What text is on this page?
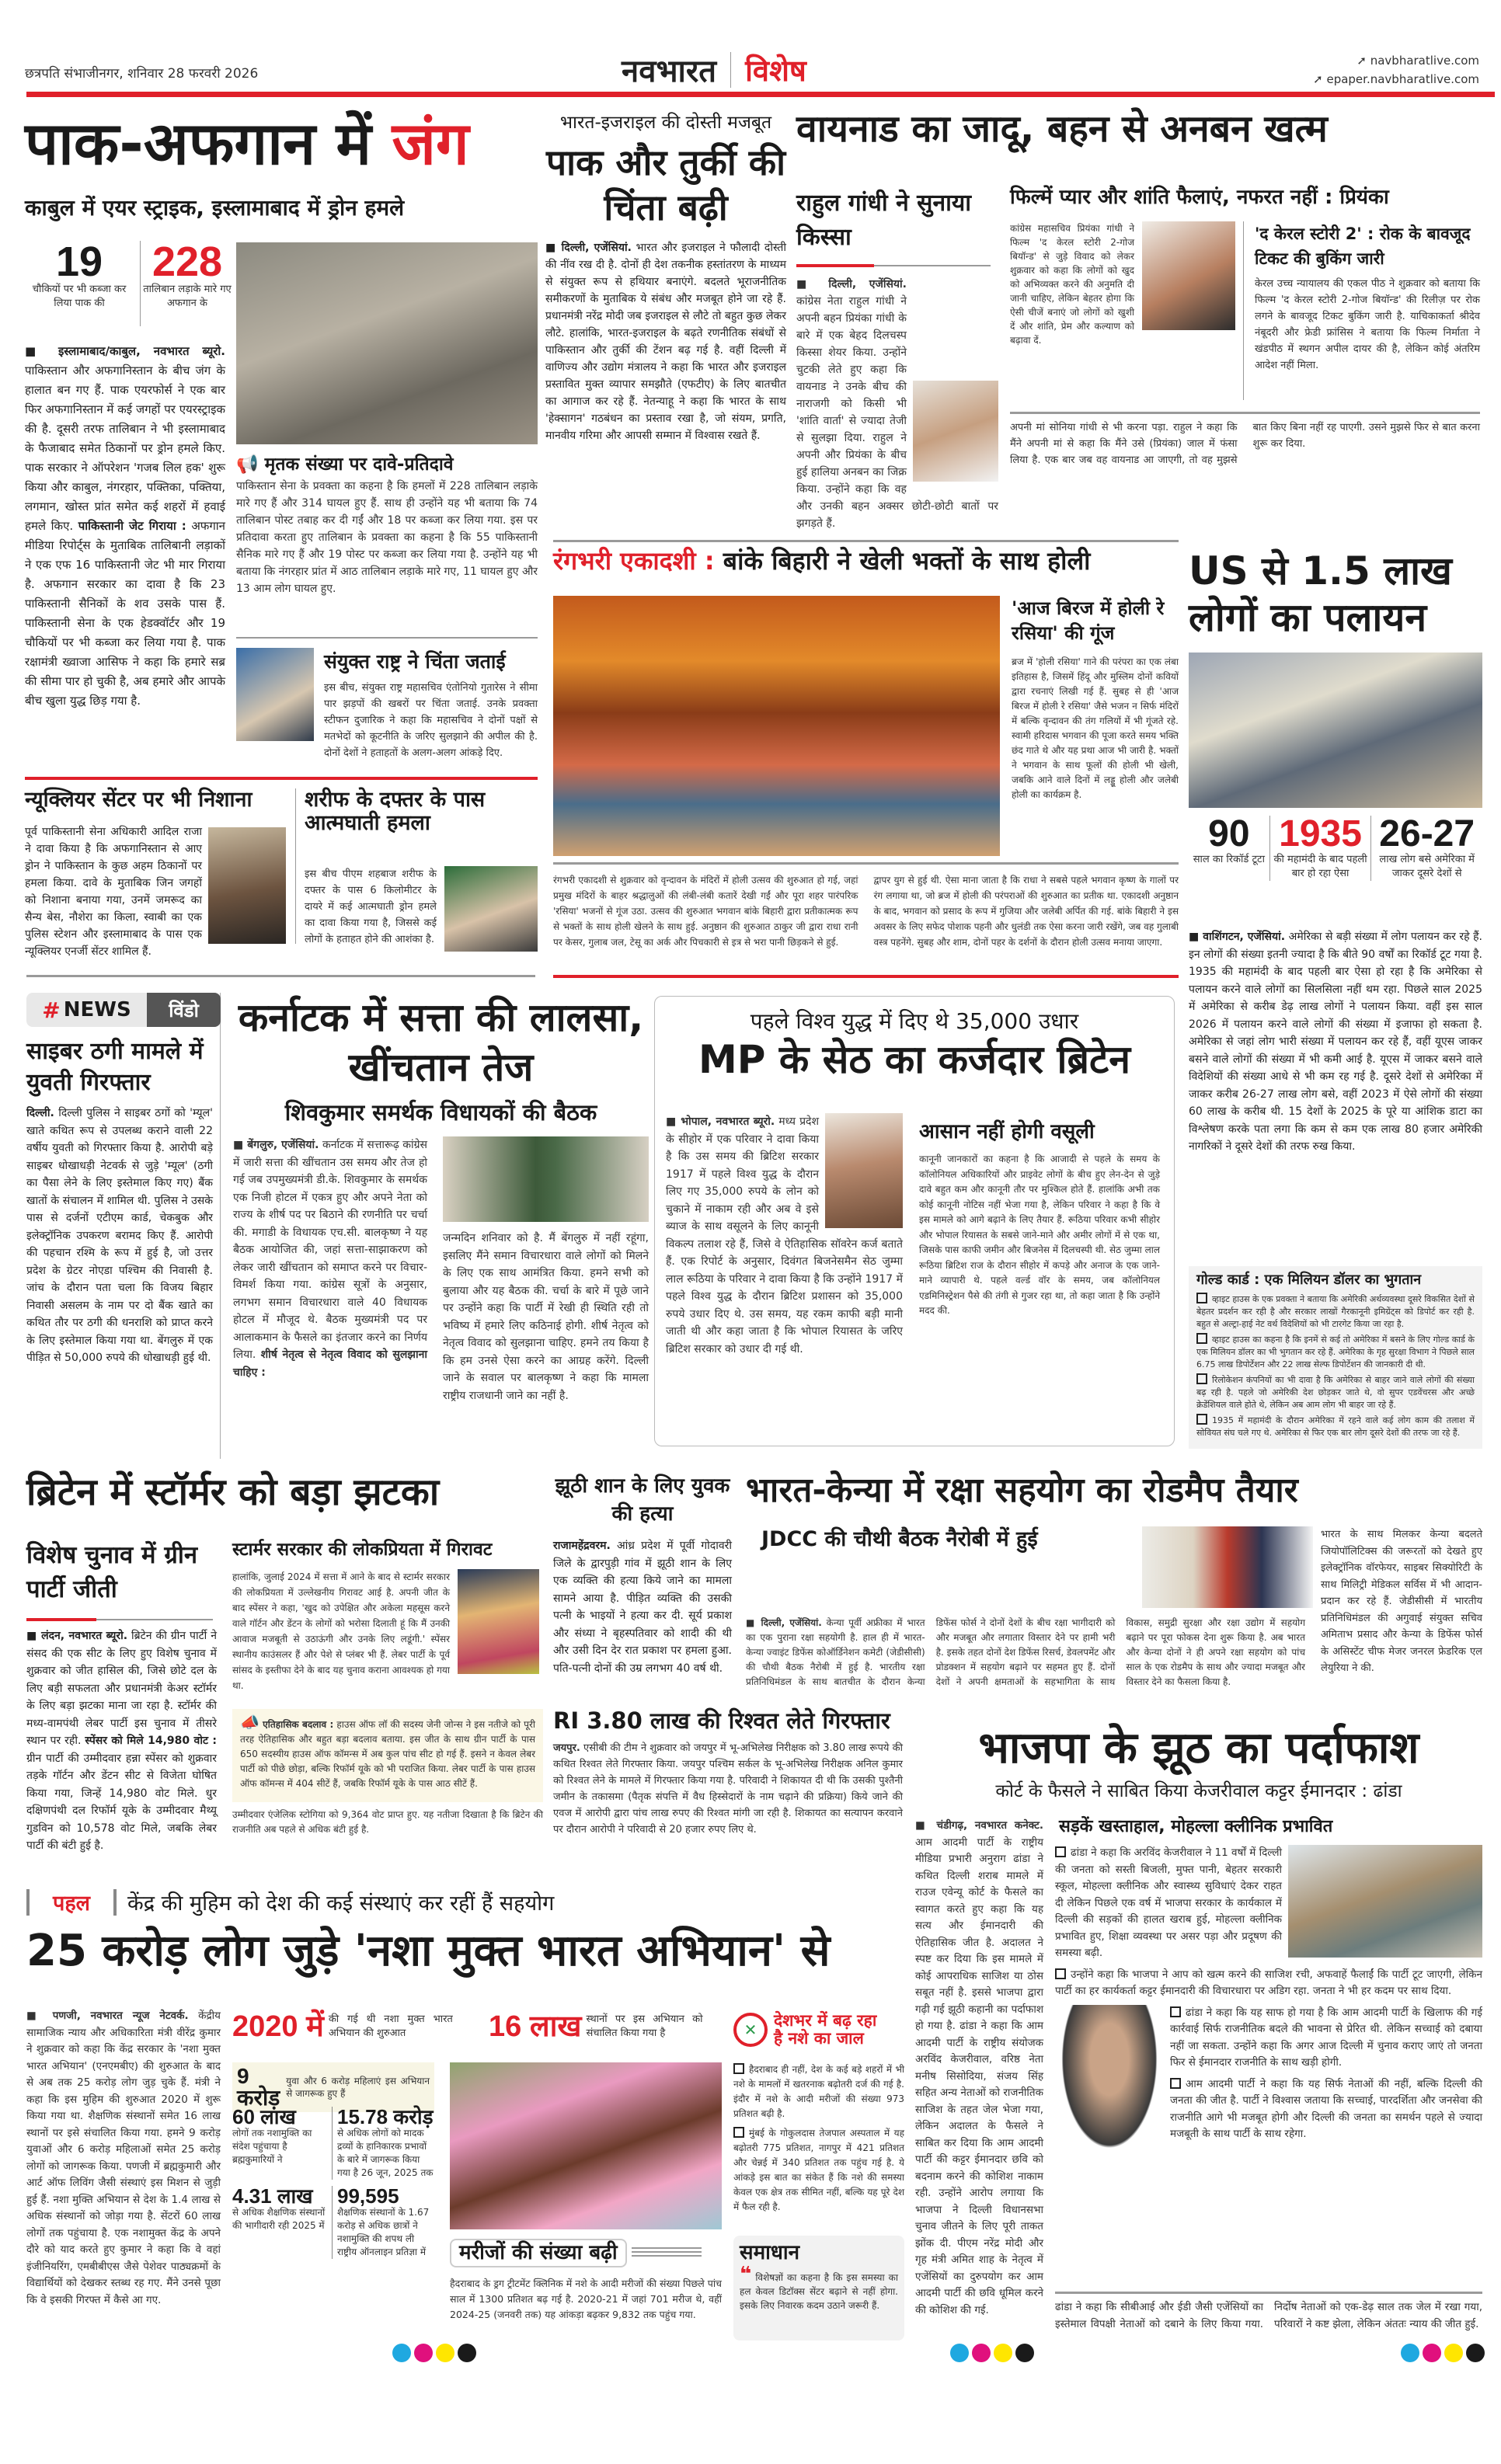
छत्रपति संभाजीनगर, शनिवार 28 फरवरी 2026	नवभारत विशेष	➚ navbharatlive.com
➚ epaper.navbharatlive.com
पाक-अफगान में जंग
काबुल में एयर स्ट्राइक, इस्लामाबाद में ड्रोन हमले
19
चौकियों पर भी कब्जा कर लिया पाक की
228
तालिबान लड़ाके मारे गए अफगान के
📢 मृतक संख्या पर दावे-प्रतिदावे
पाकिस्तान सेना के प्रवक्ता का कहना है कि हमलों में 228 तालिबान लड़ाके मारे गए हैं और 314 घायल हुए हैं. साथ ही उन्होंने यह भी बताया कि 74 तालिबान पोस्ट तबाह कर दी गईं और 18 पर कब्जा कर लिया गया. इस पर प्रतिदावा करता हुए तालिबान के प्रवक्ता का कहना है कि 55 पाकिस्तानी सैनिक मारे गए हैं और 19 पोस्ट पर कब्जा कर लिया गया है. उन्होंने यह भी बताया कि नंगरहार प्रांत में आठ तालिबान लड़ाके मारे गए, 11 घायल हुए और 13 आम लोग घायल हुए.
■ इस्लामाबाद/काबुल, नवभारत ब्यूरो. पाकिस्तान और अफगानिस्तान के बीच जंग के हालात बन गए हैं. पाक एयरफोर्स ने एक बार फिर अफगानिस्तान में कई जगहों पर एयरस्ट्राइक की है. दूसरी तरफ तालिबान ने भी इस्लामाबाद के फैजाबाद समेत ठिकानों पर ड्रोन हमले किए. पाक सरकार ने ऑपरेशन 'गजब लिल हक' शुरू किया और काबुल, नंगरहार, पक्तिका, पक्तिया, लगमान, खोस्त प्रांत समेत कई शहरों में हवाई हमले किए. पाकिस्तानी जेट गिराया : अफगान मीडिया रिपोर्ट्स के मुताबिक तालिबानी लड़ाकों ने एक एफ 16 पाकिस्तानी जेट भी मार गिराया है. अफगान सरकार का दावा है कि 23 पाकिस्तानी सैनिकों के शव उसके पास हैं. पाकिस्तानी सेना के एक हेडक्वॉर्टर और 19 चौकियों पर भी कब्जा कर लिया गया है. पाक रक्षामंत्री ख्वाजा आसिफ ने कहा कि हमारे सब्र की सीमा पार हो चुकी है, अब हमारे और आपके बीच खुला युद्ध छिड़ गया है.
संयुक्त राष्ट्र ने चिंता जताई
इस बीच, संयुक्त राष्ट्र महासचिव एंतोनियो गुतारेस ने सीमा पार झड़पों की खबरों पर चिंता जताई. उनके प्रवक्ता स्टीफन दुजारिक ने कहा कि महासचिव ने दोनों पक्षों से मतभेदों को कूटनीति के जरिए सुलझाने की अपील की है. दोनों देशों ने हताहतों के अलग-अलग आंकड़े दिए.
न्यूक्लियर सेंटर पर भी निशाना
पूर्व पाकिस्तानी सेना अधिकारी आदिल राजा ने दावा किया है कि अफगानिस्तान से आए ड्रोन ने पाकिस्तान के कुछ अहम ठिकानों पर हमला किया. दावे के मुताबिक जिन जगहों को निशाना बनाया गया, उनमें जमरूद का सैन्य बेस, नौशेरा का किला, स्वाबी का एक पुलिस स्टेशन और इस्लामाबाद के पास एक न्यूक्लियर एनर्जी सेंटर शामिल हैं.
शरीफ के दफ्तर के पास आत्मघाती हमला
इस बीच पीएम शहबाज शरीफ के दफ्तर के पास 6 किलोमीटर के दायरे में कई आत्मघाती ड्रोन हमले का दावा किया गया है, जिससे कई लोगों के हताहत होने की आशंका है.
भारत-इजराइल की दोस्ती मजबूत
पाक और तुर्की की चिंता बढ़ी
■ दिल्ली, एजेंसियां. भारत और इजराइल ने फौलादी दोस्ती की नींव रख दी है. दोनों ही देश तकनीक हस्तांतरण के माध्यम से संयुक्त रूप से हथियार बनाएंगे. बदलते भूराजनीतिक समीकरणों के मुताबिक ये संबंध और मजबूत होने जा रहे हैं. प्रधानमंत्री नरेंद्र मोदी जब इजराइल से लौटे तो बहुत कुछ लेकर लौटे. हालांकि, भारत-इजराइल के बढ़ते रणनीतिक संबंधों से पाकिस्तान और तुर्की की टेंशन बढ़ गई है. वहीं दिल्ली में वाणिज्य और उद्योग मंत्रालय ने कहा कि भारत और इजराइल प्रस्तावित मुक्त व्यापार समझौते (एफटीए) के लिए बातचीत का आगाज कर रहे हैं. नेतन्याहू ने कहा कि भारत के साथ 'हेक्सागन' गठबंधन का प्रस्ताव रखा है, जो संयम, प्रगति, मानवीय गरिमा और आपसी सम्मान में विश्वास रखते हैं.
वायनाड का जादू, बहन से अनबन खत्म
राहुल गांधी ने सुनाया किस्सा
■ दिल्ली, एजेंसियां. कांग्रेस नेता राहुल गांधी ने अपनी बहन प्रियंका गांधी के बारे में एक बेहद दिलचस्प किस्सा शेयर किया. उन्होंने चुटकी लेते हुए कहा कि वायनाड ने उनके बीच की नाराजगी को किसी भी 'शांति वार्ता' से ज्यादा तेजी से सुलझा दिया. राहुल ने अपनी और प्रियंका के बीच हुई हालिया अनबन का जिक्र किया. उन्होंने कहा कि वह और उनकी बहन अक्सर छोटी-छोटी बातों पर झगड़ते हैं.
फिल्में प्यार और शांति फैलाएं, नफरत नहीं : प्रियंका
कांग्रेस महासचिव प्रियंका गांधी ने फिल्म 'द केरल स्टोरी 2-गोज बियॉन्ड' से जुड़े विवाद को लेकर शुक्रवार को कहा कि लोगों को खुद को अभिव्यक्त करने की अनुमति दी जानी चाहिए, लेकिन बेहतर होगा कि ऐसी चीजें बनाएं जो लोगों को खुशी दें और शांति, प्रेम और कल्याण को बढ़ावा दें.
'द केरल स्टोरी 2' : रोक के बावजूद टिकट की बुकिंग जारी
केरल उच्च न्यायालय की एकल पीठ ने शुक्रवार को बताया कि फिल्म 'द केरल स्टोरी 2-गोज बियॉन्ड' की रिलीज़ पर रोक लगने के बावजूद टिकट बुकिंग जारी है. याचिकाकर्ता श्रीदेव नंबूदरी और फ्रेडी फ्रांसिस ने बताया कि फिल्म निर्माता ने खंडपीठ में स्थगन अपील दायर की है, लेकिन कोई अंतरिम आदेश नहीं मिला.
अपनी मां सोनिया गांधी से भी करना पड़ा. राहुल ने कहा कि मैंने अपनी मां से कहा कि मैंने उसे (प्रियंका) जाल में फंसा लिया है. एक बार जब वह वायनाड आ जाएगी, तो वह मुझसे बात किए बिना नहीं रह पाएगी. उसने मुझसे फिर से बात करना शुरू कर दिया.
रंगभरी एकादशी : बांके बिहारी ने खेली भक्तों के साथ होली
'आज बिरज में होली रे रसिया' की गूंज
ब्रज में 'होली रसिया' गाने की परंपरा का एक लंबा इतिहास है, जिसमें हिंदू और मुस्लिम दोनों कवियों द्वारा रचनाएं लिखी गई हैं. सुबह से ही 'आज बिरज में होली रे रसिया' जैसे भजन न सिर्फ मंदिरों में बल्कि वृन्दावन की तंग गलियों में भी गूंजते रहे. स्वामी हरिदास भगवान की पूजा करते समय भक्ति छंद गाते थे और यह प्रथा आज भी जारी है. भक्तों ने भगवान के साथ फूलों की होली भी खेली, जबकि आने वाले दिनों में लड्डू होली और जलेबी होली का कार्यक्रम है.
रंगभरी एकादशी से शुक्रवार को वृन्दावन के मंदिरों में होली उत्सव की शुरुआत हो गई, जहां प्रमुख मंदिरों के बाहर श्रद्धालुओं की लंबी-लंबी कतारें देखी गईं और पूरा शहर पारंपरिक 'रसिया' भजनों से गूंज उठा. उत्सव की शुरुआत भगवान बांके बिहारी द्वारा प्रतीकात्मक रूप से भक्तों के साथ होली खेलने के साथ हुई. अनुष्ठान की शुरुआत ठाकुर जी द्वारा राधा रानी पर केसर, गुलाब जल, टेसू का अर्क और पिचकारी से इत्र से भरा पानी छिड़कने से हुई.
द्वापर युग से हुई थी. ऐसा माना जाता है कि राधा ने सबसे पहले भगवान कृष्ण के गालों पर रंग लगाया था, जो ब्रज में होली की परंपराओं की शुरुआत का प्रतीक था. एकादशी अनुष्ठान के बाद, भगवान को प्रसाद के रूप में गुजिया और जलेबी अर्पित की गई. बांके बिहारी ने इस अवसर के लिए सफेद पोशाक पहनी और धुलंडी तक ऐसा करना जारी रखेंगे, जब वह गुलाबी वस्त्र पहनेंगे. सुबह और शाम, दोनों पहर के दर्शनों के दौरान होली उत्सव मनाया जाएगा.
US से 1.5 लाख लोगों का पलायन
90
साल का रिकॉर्ड टूटा
1935
की महामंदी के बाद पहली बार हो रहा ऐसा
26-27
लाख लोग बसे अमेरिका में जाकर दूसरे देशों से
■ वाशिंगटन, एजेंसियां. अमेरिका से बड़ी संख्या में लोग पलायन कर रहे हैं. इन लोगों की संख्या इतनी ज्यादा है कि बीते 90 वर्षों का रिकॉर्ड टूट गया है. 1935 की महामंदी के बाद पहली बार ऐसा हो रहा है कि अमेरिका से पलायन करने वाले लोगों का सिलसिला नहीं थम रहा. पिछले साल 2025 में अमेरिका से करीब डेढ़ लाख लोगों ने पलायन किया. वहीं इस साल 2026 में पलायन करने वाले लोगों की संख्या में इजाफा हो सकता है. अमेरिका से जहां लोग भारी संख्या में पलायन कर रहे हैं, वहीं यूएस जाकर बसने वाले लोगों की संख्या में भी कमी आई है. यूएस में जाकर बसने वाले विदेशियों की संख्या आधे से भी कम रह गई है. दूसरे देशों से अमेरिका में जाकर करीब 26-27 लाख लोग बसे, वहीं 2023 में ऐसे लोगों की संख्या 60 लाख के करीब थी. 15 देशों के 2025 के पूरे या आंशिक डाटा का विश्लेषण करके पता लगा कि कम से कम एक लाख 80 हजार अमेरिकी नागरिकों ने दूसरे देशों की तरफ रुख किया.
गोल्ड कार्ड : एक मिलियन डॉलर का भुगतान
व्हाइट हाउस के एक प्रवक्ता ने बताया कि अमेरिकी अर्थव्यवस्था दूसरे विकसित देशों से बेहतर प्रदर्शन कर रही है और सरकार लाखों गैरकानूनी इमिग्रेंट्स को डिपोर्ट कर रही है. बहुत से अल्ट्रा-हाई नेट वर्थ विदेशियों को भी टारगेट किया जा रहा है.
व्हाइट हाउस का कहना है कि इनमें से कई तो अमेरिका में बसने के लिए गोल्ड कार्ड के एक मिलियन डॉलर का भी भुगतान कर रहे हैं. अमेरिका के गृह सुरक्षा विभाग ने पिछले साल 6.75 लाख डिपोर्टेशन और 22 लाख सेल्फ डिपोर्टेशन की जानकारी दी थी.
रिलोकेशन कंपनियों का भी दावा है कि अमेरिका से बाहर जाने वाले लोगों की संख्या बढ़ रही है. पहले जो अमेरिकी देश छोड़कर जाते थे, वो सुपर एडवेंचरस और अच्छे क्रेडेंशियल वाले होते थे, लेकिन अब आम लोग भी बाहर जा रहे हैं.
1935 में महामंदी के दौरान अमेरिका में रहने वाले कई लोग काम की तलाश में सोवियत संघ चले गए थे. अमेरिका से फिर एक बार लोग दूसरे देशों की तरफ जा रहे हैं.
# NEWS	विंडो
साइबर ठगी मामले में युवती गिरफ्तार
दिल्ली. दिल्ली पुलिस ने साइबर ठगों को 'म्यूल' खाते कथित रूप से उपलब्ध कराने वाली 22 वर्षीय युवती को गिरफ्तार किया है. आरोपी बड़े साइबर धोखाधड़ी नेटवर्क से जुड़े 'म्यूल' (ठगी का पैसा लेने के लिए इस्तेमाल किए गए) बैंक खातों के संचालन में शामिल थी. पुलिस ने उसके पास से दर्जनों एटीएम कार्ड, चेकबुक और इलेक्ट्रॉनिक उपकरण बरामद किए हैं. आरोपी की पहचान रश्मि के रूप में हुई है, जो उत्तर प्रदेश के ग्रेटर नोएडा पश्चिम की निवासी है. जांच के दौरान पता चला कि विजय बिहार निवासी असलम के नाम पर दो बैंक खाते का कथित तौर पर ठगी की धनराशि को प्राप्त करने के लिए इस्तेमाल किया गया था. बेंगलुरु में एक पीड़ित से 50,000 रुपये की धोखाधड़ी हुई थी.
कर्नाटक में सत्ता की लालसा, खींचतान तेज
शिवकुमार समर्थक विधायकों की बैठक
■ बेंगलुरु, एजेंसियां. कर्नाटक में सत्तारूढ़ कांग्रेस में जारी सत्ता की खींचतान उस समय और तेज हो गई जब उपमुख्यमंत्री डी.के. शिवकुमार के समर्थक एक निजी होटल में एकत्र हुए और अपने नेता को राज्य के शीर्ष पद पर बिठाने की रणनीति पर चर्चा की. मगाडी के विधायक एच.सी. बालकृष्ण ने यह बैठक आयोजित की, जहां सत्ता-साझाकरण को लेकर जारी खींचतान को समाप्त करने पर विचार-विमर्श किया गया. कांग्रेस सूत्रों के अनुसार, लगभग समान विचारधारा वाले 40 विधायक होटल में मौजूद थे. बैठक मुख्यमंत्री पद पर आलाकमान के फैसले का इंतजार करने का निर्णय लिया. शीर्ष नेतृत्व से नेतृत्व विवाद को सुलझाना चाहिए :
जन्मदिन शनिवार को है. मैं बेंगलुरु में नहीं रहूंगा, इसलिए मैंने समान विचारधारा वाले लोगों को मिलने के लिए एक साथ आमंत्रित किया. हमने सभी को बुलाया और यह बैठक की. चर्चा के बारे में पूछे जाने पर उन्होंने कहा कि पार्टी में रेखी ही स्थिति रही तो भविष्य में हमारे लिए कठिनाई होगी. शीर्ष नेतृत्व को नेतृत्व विवाद को सुलझाना चाहिए. हमने तय किया है कि हम उनसे ऐसा करने का आग्रह करेंगे. दिल्ली जाने के सवाल पर बालकृष्ण ने कहा कि मामला राष्ट्रीय राजधानी जाने का नहीं है.
पहले विश्व युद्ध में दिए थे 35,000 उधार
MP के सेठ का कर्जदार ब्रिटेन
■ भोपाल, नवभारत ब्यूरो. मध्य प्रदेश के सीहोर में एक परिवार ने दावा किया है कि उस समय की ब्रिटिश सरकार 1917 में पहले विश्व युद्ध के दौरान लिए गए 35,000 रुपये के लोन को चुकाने में नाकाम रही और अब वे इसे ब्याज के साथ वसूलने के लिए कानूनी विकल्प तलाश रहे हैं, जिसे वे ऐतिहासिक सॉवरेन कर्ज बताते हैं. एक रिपोर्ट के अनुसार, दिवंगत बिजनेसमैन सेठ जुम्मा लाल रूठिया के परिवार ने दावा किया है कि उन्होंने 1917 में पहले विश्व युद्ध के दौरान ब्रिटिश प्रशासन को 35,000 रुपये उधार दिए थे. उस समय, यह रकम काफी बड़ी मानी जाती थी और कहा जाता है कि भोपाल रियासत के जरिए ब्रिटिश सरकार को उधार दी गई थी.
आसान नहीं होगी वसूली
कानूनी जानकारों का कहना है कि आजादी से पहले के समय के कॉलोनियल अधिकारियों और प्राइवेट लोगों के बीच हुए लेन-देन से जुड़े दावे बहुत कम और कानूनी तौर पर मुश्किल होते हैं. हालांकि अभी तक कोई कानूनी नोटिस नहीं भेजा गया है, लेकिन परिवार ने कहा है कि वे इस मामले को आगे बढ़ाने के लिए तैयार हैं. रूठिया परिवार कभी सीहोर और भोपाल रियासत के सबसे जाने-माने और अमीर लोगों में से एक था, जिसके पास काफी जमीन और बिजनेस में दिलचस्पी थी. सेठ जुम्मा लाल रूठिया ब्रिटिश राज के दौरान सीहोर में कपड़े और अनाज के एक जाने-माने व्यापारी थे. पहले वर्ल्ड वॉर के समय, जब कॉलोनियल एडमिनिस्ट्रेशन पैसे की तंगी से गुजर रहा था, तो कहा जाता है कि उन्होंने मदद की.
ब्रिटेन में स्टॉर्मर को बड़ा झटका
विशेष चुनाव में ग्रीन पार्टी जीती
■ लंदन, नवभारत ब्यूरो. ब्रिटेन की ग्रीन पार्टी ने संसद की एक सीट के लिए हुए विशेष चुनाव में शुक्रवार को जीत हासिल की, जिसे छोटे दल के लिए बड़ी सफलता और प्रधानमंत्री केअर स्टॉर्मर के लिए बड़ा झटका माना जा रहा है. स्टॉर्मर की मध्य-वामपंथी लेबर पार्टी इस चुनाव में तीसरे स्थान पर रही. स्पेंसर को मिले 14,980 वोट : ग्रीन पार्टी की उम्मीदवार हन्ना स्पेंसर को शुक्रवार तड़के गॉर्टन और डेंटन सीट से विजेता घोषित किया गया, जिन्हें 14,980 वोट मिले. धुर दक्षिणपंथी दल रिफॉर्म यूके के उम्मीदवार मैथ्यू गुडविन को 10,578 वोट मिले, जबकि लेबर पार्टी की बंटी हुई है.
स्टार्मर सरकार की लोकप्रियता में गिरावट
हालांकि, जुलाई 2024 में सत्ता में आने के बाद से स्टार्मर सरकार की लोकप्रियता में उल्लेखनीय गिरावट आई है. अपनी जीत के बाद स्पेंसर ने कहा, 'खुद को उपेक्षित और अकेला महसूस करने वाले गॉर्टन और डेंटन के लोगों को भरोसा दिलाती हूं कि मैं उनकी आवाज मजबूती से उठाऊंगी और उनके लिए लडूंगी.' स्पेंसर स्थानीय काउंसलर हैं और पेशे से प्लंबर भी हैं. लेबर पार्टी के पूर्व सांसद के इस्तीफा देने के बाद यह चुनाव कराना आवश्यक हो गया था.
📣 एतिहासिक बदलाव : हाउस ऑफ लॉ की सदस्य जेनी जोन्स ने इस नतीजे को पूरी तरह ऐतिहासिक और बहुत बड़ा बदलाव बताया. इस जीत के साथ ग्रीन पार्टी के पास 650 सदस्यीय हाउस ऑफ कॉमन्स में अब कुल पांच सीट हो गई हैं. इसने न केवल लेबर पार्टी को पीछे छोड़ा, बल्कि रिफॉर्म यूके को भी पराजित किया. लेबर पार्टी के पास हाउस ऑफ कॉमन्स में 404 सीटें हैं, जबकि रिफॉर्म यूके के पास आठ सीटें हैं.
उम्मीदवार एंजेलिक स्टोगिया को 9,364 वोट प्राप्त हुए. यह नतीजा दिखाता है कि ब्रिटेन की राजनीति अब पहले से अधिक बंटी हुई है.
झूठी शान के लिए युवक की हत्या
राजामहेंद्रवरम. आंध्र प्रदेश में पूर्वी गोदावरी जिले के द्वारपुड़ी गांव में झूठी शान के लिए एक व्यक्ति की हत्या किये जाने का मामला सामने आया है. पीड़ित व्यक्ति की उसकी पत्नी के भाइयों ने हत्या कर दी. सूर्य प्रकाश और संध्या ने बृहस्पतिवार को शादी की थी और उसी दिन देर रात प्रकाश पर हमला हुआ. पति-पत्नी दोनों की उम्र लगभग 40 वर्ष थी.
भारत-केन्या में रक्षा सहयोग का रोडमैप तैयार
JDCC की चौथी बैठक नैरोबी में हुई
■ दिल्ली, एजेंसियां. केन्या पूर्वी अफ्रीका में भारत का एक पुराना रक्षा सहयोगी है. हाल ही में भारत-केन्या ज्वाइंट डिफेंस कोऑर्डिनेशन कमेटी (जेडीसीसी) की चौथी बैठक नैरोबी में हुई है. भारतीय रक्षा प्रतिनिधिमंडल के साथ बातचीत के दौरान केन्या डिफेंस फोर्स ने दोनों देशों के बीच रक्षा भागीदारी को और मजबूत और लगातार विस्तार देने पर हामी भरी है. इसके तहत दोनों देश डिफेंस रिसर्च, डेवलपमेंट और प्रोडक्शन में सहयोग बढ़ाने पर सहमत हुए हैं. दोनों देशों ने अपनी क्षमताओं के सहभागिता के साथ विकास, समुद्री सुरक्षा और रक्षा उद्योग में सहयोग बढ़ाने पर पूरा फोकस देना शुरू किया है. अब भारत और केन्या दोनों ने ही अपने रक्षा सहयोग को पांच साल के एक रोडमैप के साथ और ज्यादा मजबूत और विस्तार देने का फैसला किया है.
भारत के साथ मिलकर केन्या बदलते जियोपॉलिटिक्स की जरूरतों को देखते हुए इलेक्ट्रॉनिक वॉरफेयर, साइबर सिक्योरिटी के साथ मिलिट्री मेडिकल सर्विस में भी आदान-प्रदान कर रहे हैं. जेडीसीसी में भारतीय प्रतिनिधिमंडल की अगुवाई संयुक्त सचिव अमिताभ प्रसाद और केन्या के डिफेंस फोर्स के असिस्टेंट चीफ मेजर जनरल फ्रेडरिक एल लेयुरिया ने की.
RI 3.80 लाख की रिश्वत लेते गिरफ्तार
जयपुर. एसीबी की टीम ने शुक्रवार को जयपुर में भू-अभिलेख निरीक्षक को 3.80 लाख रूपये की कथित रिश्वत लेते गिरफ्तार किया. जयपुर पश्चिम सर्कल के भू-अभिलेख निरीक्षक अनिल कुमार को रिश्वत लेने के मामले में गिरफ्तार किया गया है. परिवादी ने शिकायत दी थी कि उसकी पुश्तैनी जमीन के तकासमा (पैतृक संपत्ति में वैध हिस्सेदारों के नाम चढ़ाने की प्रक्रिया) किये जाने की एवज में आरोपी द्वारा पांच लाख रुपए की रिश्वत मांगी जा रही है. शिकायत का सत्यापन करवाने पर दौरान आरोपी ने परिवादी से 20 हजार रुपए लिए थे.
भाजपा के झूठ का पर्दाफाश
कोर्ट के फैसले ने साबित किया केजरीवाल कट्टर ईमानदार : ढांडा
■ चंडीगढ़, नवभारत कनेक्ट. आम आदमी पार्टी के राष्ट्रीय मीडिया प्रभारी अनुराग ढांडा ने कथित दिल्ली शराब मामले में राउज एवेन्यू कोर्ट के फैसले का स्वागत करते हुए कहा कि यह सत्य और ईमानदारी की ऐतिहासिक जीत है. अदालत ने स्पष्ट कर दिया कि इस मामले में कोई आपराधिक साजिश या ठोस सबूत नहीं है. इससे भाजपा द्वारा गढ़ी गई झूठी कहानी का पर्दाफाश हो गया है. ढांडा ने कहा कि आम आदमी पार्टी के राष्ट्रीय संयोजक अरविंद केजरीवाल, वरिष्ठ नेता मनीष सिसोदिया, संजय सिंह सहित अन्य नेताओं को राजनीतिक साजिश के तहत जेल भेजा गया, लेकिन अदालत के फैसले ने साबित कर दिया कि आम आदमी पार्टी की कट्टर ईमानदार छवि को बदनाम करने की कोशिश नाकाम रही. उन्होंने आरोप लगाया कि भाजपा ने दिल्ली विधानसभा चुनाव जीतने के लिए पूरी ताकत झोंक दी. पीएम नरेंद्र मोदी और गृह मंत्री अमित शाह के नेतृत्व में एजेंसियों का दुरुपयोग कर आम आदमी पार्टी की छवि धूमिल करने की कोशिश की गई.
सड़कें खस्ताहाल, मोहल्ला क्लीनिक प्रभावित
ढांडा ने कहा कि अरविंद केजरीवाल ने 11 वर्षों में दिल्ली की जनता को सस्ती बिजली, मुफ्त पानी, बेहतर सरकारी स्कूल, मोहल्ला क्लीनिक और स्वास्थ्य सुविधाएं देकर राहत दी लेकिन पिछले एक वर्ष में भाजपा सरकार के कार्यकाल में दिल्ली की सड़कों की हालत खराब हुई, मोहल्ला क्लीनिक प्रभावित हुए, शिक्षा व्यवस्था पर असर पड़ा और प्रदूषण की समस्या बढ़ी.
उन्होंने कहा कि भाजपा ने आप को खत्म करने की साजिश रची, अफवाहें फैलाईं कि पार्टी टूट जाएगी, लेकिन पार्टी का हर कार्यकर्ता कट्टर ईमानदारी की विचारधारा पर अडिग रहा. जनता ने भी हर कदम पर साथ दिया.
ढांडा ने कहा कि यह साफ हो गया है कि आम आदमी पार्टी के खिलाफ की गई कार्रवाई सिर्फ राजनीतिक बदले की भावना से प्रेरित थी. लेकिन सच्चाई को दबाया नहीं जा सकता. उन्होंने कहा कि अगर आज दिल्ली में चुनाव कराए जाएं तो जनता फिर से ईमानदार राजनीति के साथ खड़ी होगी.
आम आदमी पार्टी ने कहा कि यह सिर्फ नेताओं की नहीं, बल्कि दिल्ली की जनता की जीत है. पार्टी ने विश्वास जताया कि सच्चाई, पारदर्शिता और जनसेवा की राजनीति आगे भी मजबूत होगी और दिल्ली की जनता का समर्थन पहले से ज्यादा मजबूती के साथ पार्टी के साथ रहेगा.
ढांडा ने कहा कि सीबीआई और ईडी जैसी एजेंसियों का इस्तेमाल विपक्षी नेताओं को दबाने के लिए किया गया. निर्दोष नेताओं को एक-डेढ़ साल तक जेल में रखा गया, परिवारों ने कष्ट झेला, लेकिन अंततः न्याय की जीत हुई.
पहल	केंद्र की मुहिम को देश की कई संस्थाएं कर रहीं हैं सहयोग
25 करोड़ लोग जुड़े 'नशा मुक्त भारत अभियान' से
■ पणजी, नवभारत न्यूज नेटवर्क. केंद्रीय सामाजिक न्याय और अधिकारिता मंत्री वीरेंद्र कुमार ने शुक्रवार को कहा कि केंद्र सरकार के 'नशा मुक्त भारत अभियान' (एनएमबीए) की शुरुआत के बाद से अब तक 25 करोड़ लोग जुड़ चुके हैं. मंत्री ने कहा कि इस मुहिम की शुरुआत 2020 में शुरू किया गया था. शैक्षणिक संस्थानों समेत 16 लाख स्थानों पर इसे संचालित किया गया. हमने 9 करोड़ युवाओं और 6 करोड़ महिलाओं समेत 25 करोड़ लोगों को जागरूक किया. पणजी में ब्रह्मकुमारी और आर्ट ऑफ लिविंग जैसी संस्थाएं इस मिशन से जुड़ी हुई हैं. नशा मुक्ति अभियान से देश के 1.4 लाख से अधिक संस्थानों को जोड़ा गया है. सेंटरों 60 लाख लोगों तक पहुंचाया है. एक नशामुक्त केंद्र के अपने दौरे को याद करते हुए कुमार ने कहा कि वे वहां इंजीनियरिंग, एमबीबीएस जैसे पेशेवर पाठ्यक्रमों के विद्यार्थियों को देखकर स्तब्ध रह गए. मैंने उनसे पूछा कि वे इसकी गिरफ्त में कैसे आ गए.
2020 में की गई थी नशा मुक्त भारत अभियान की शुरुआत	16 लाख स्थानों पर इस अभियान को संचालित किया गया है
9 करोड़
युवा और 6 करोड़ महिलाएं इस अभियान से जागरूक हुए हैं
60 लाख
लोगों तक नशामुक्ति का संदेश पहुंचाया है ब्रह्मकुमारियों ने
15.78 करोड़
से अधिक लोगों को मादक द्रव्यों के हानिकारक प्रभावों के बारे में जागरूक किया गया है 26 जून, 2025 तक
4.31 लाख
से अधिक शैक्षणिक संस्थानों की भागीदारी रही 2025 में
99,595
शैक्षणिक संस्थानों के 1.67 करोड़ से अधिक छात्रों ने नशामुक्ति की शपथ ली राष्ट्रीय ऑनलाइन प्रतिज्ञा में	मरीजों की संख्या बढ़ी
हैदराबाद के ड्रग ट्रीटमेंट क्लिनिक में नशे के आदी मरीजों की संख्या पिछले पांच साल में 1300 प्रतिशत बढ़ गई है. 2020-21 में जहां 701 मरीज थे, वहीं 2024-25 (जनवरी तक) यह आंकड़ा बढ़कर 9,832 तक पहुंच गया.
✕
देशभर में बढ़ रहा है नशे का जाल
हैदराबाद ही नहीं, देश के कई बड़े शहरों में भी नशे के मामलों में खतरनाक बढ़ोतरी दर्ज की गई है. इंदौर में नशे के आदी मरीजों की संख्या 973 प्रतिशत बढ़ी है.
मुंबई के गोकुलदास तेजपाल अस्पताल में यह बढ़ोतरी 775 प्रतिशत, नागपुर में 421 प्रतिशत और चेन्नई में 340 प्रतिशत तक पहुंच गई है. ये आंकड़े इस बात का संकेत हैं कि नशे की समस्या केवल एक क्षेत्र तक सीमित नहीं, बल्कि यह पूरे देश में फैल रही है.
समाधान
❝ विशेषज्ञों का कहना है कि इस समस्या का हल केवल डिटॉक्स सेंटर बढ़ाने से नहीं होगा. इसके लिए निवारक कदम उठाने जरूरी हैं.
